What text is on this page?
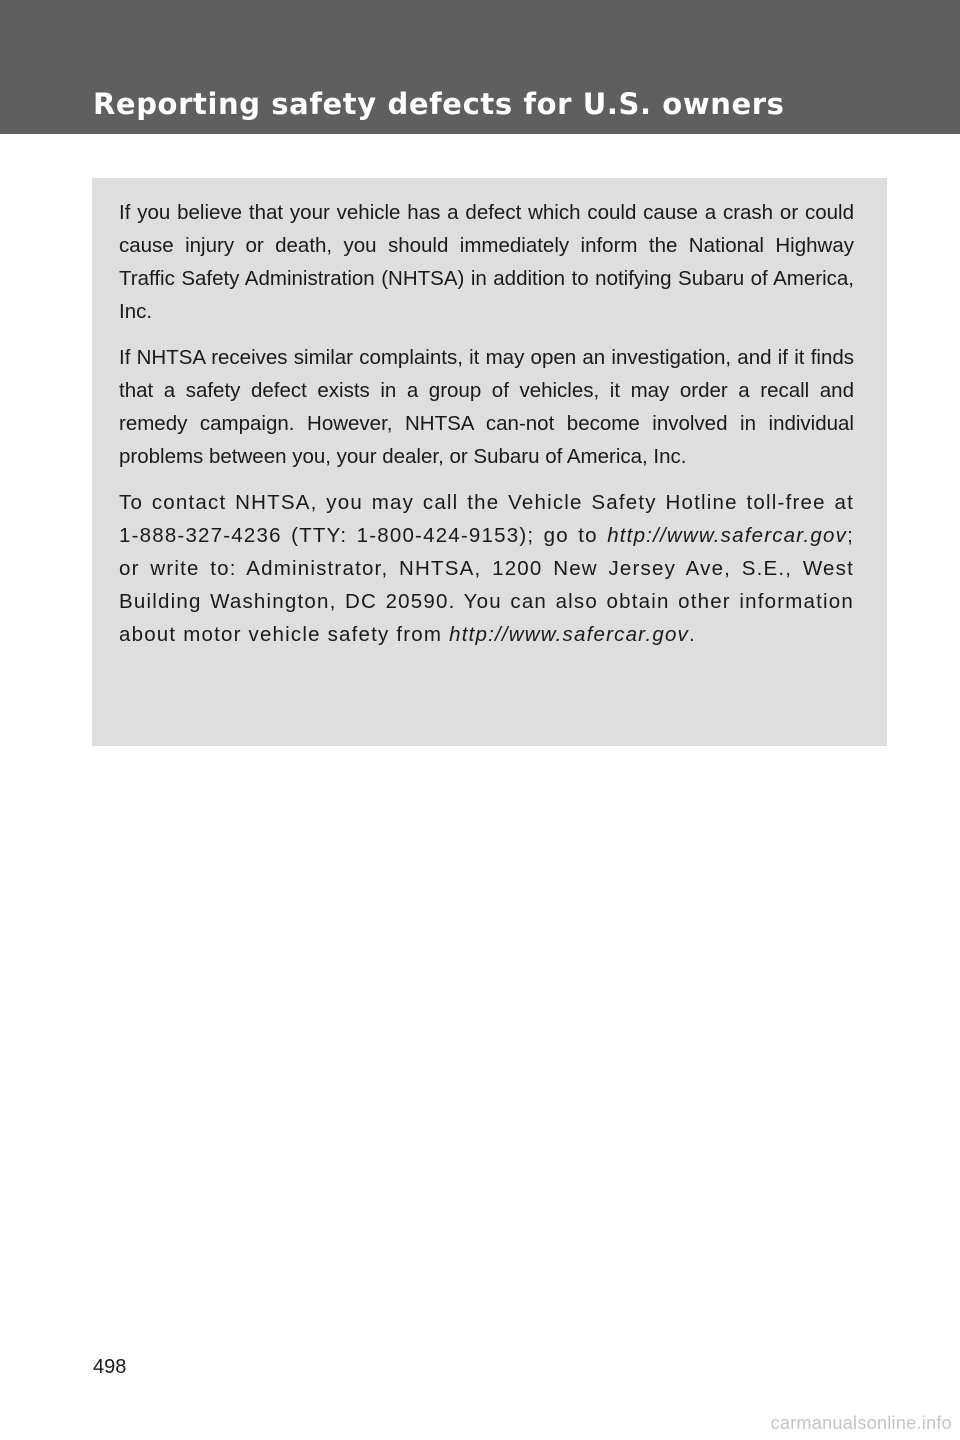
Reporting safety defects for U.S. owners

If you believe that your vehicle has a defect which could cause a crash or could cause injury or death, you should immediately inform the National Highway Traffic Safety Administration (NHTSA) in addition to notifying Subaru of America, Inc.

If NHTSA receives similar complaints, it may open an investigation, and if it finds that a safety defect exists in a group of vehicles, it may order a recall and remedy campaign. However, NHTSA can-not become involved in individual problems between you, your dealer, or Subaru of America, Inc.

To contact NHTSA, you may call the Vehicle Safety Hotline toll-free at 1-888-327-4236 (TTY: 1-800-424-9153); go to http://www.safercar.gov; or write to: Administrator, NHTSA, 1200 New Jersey Ave, S.E., West Building Washington, DC 20590. You can also obtain other information about motor vehicle safety from http://www.safercar.gov.

498
carmanualsonline.info
